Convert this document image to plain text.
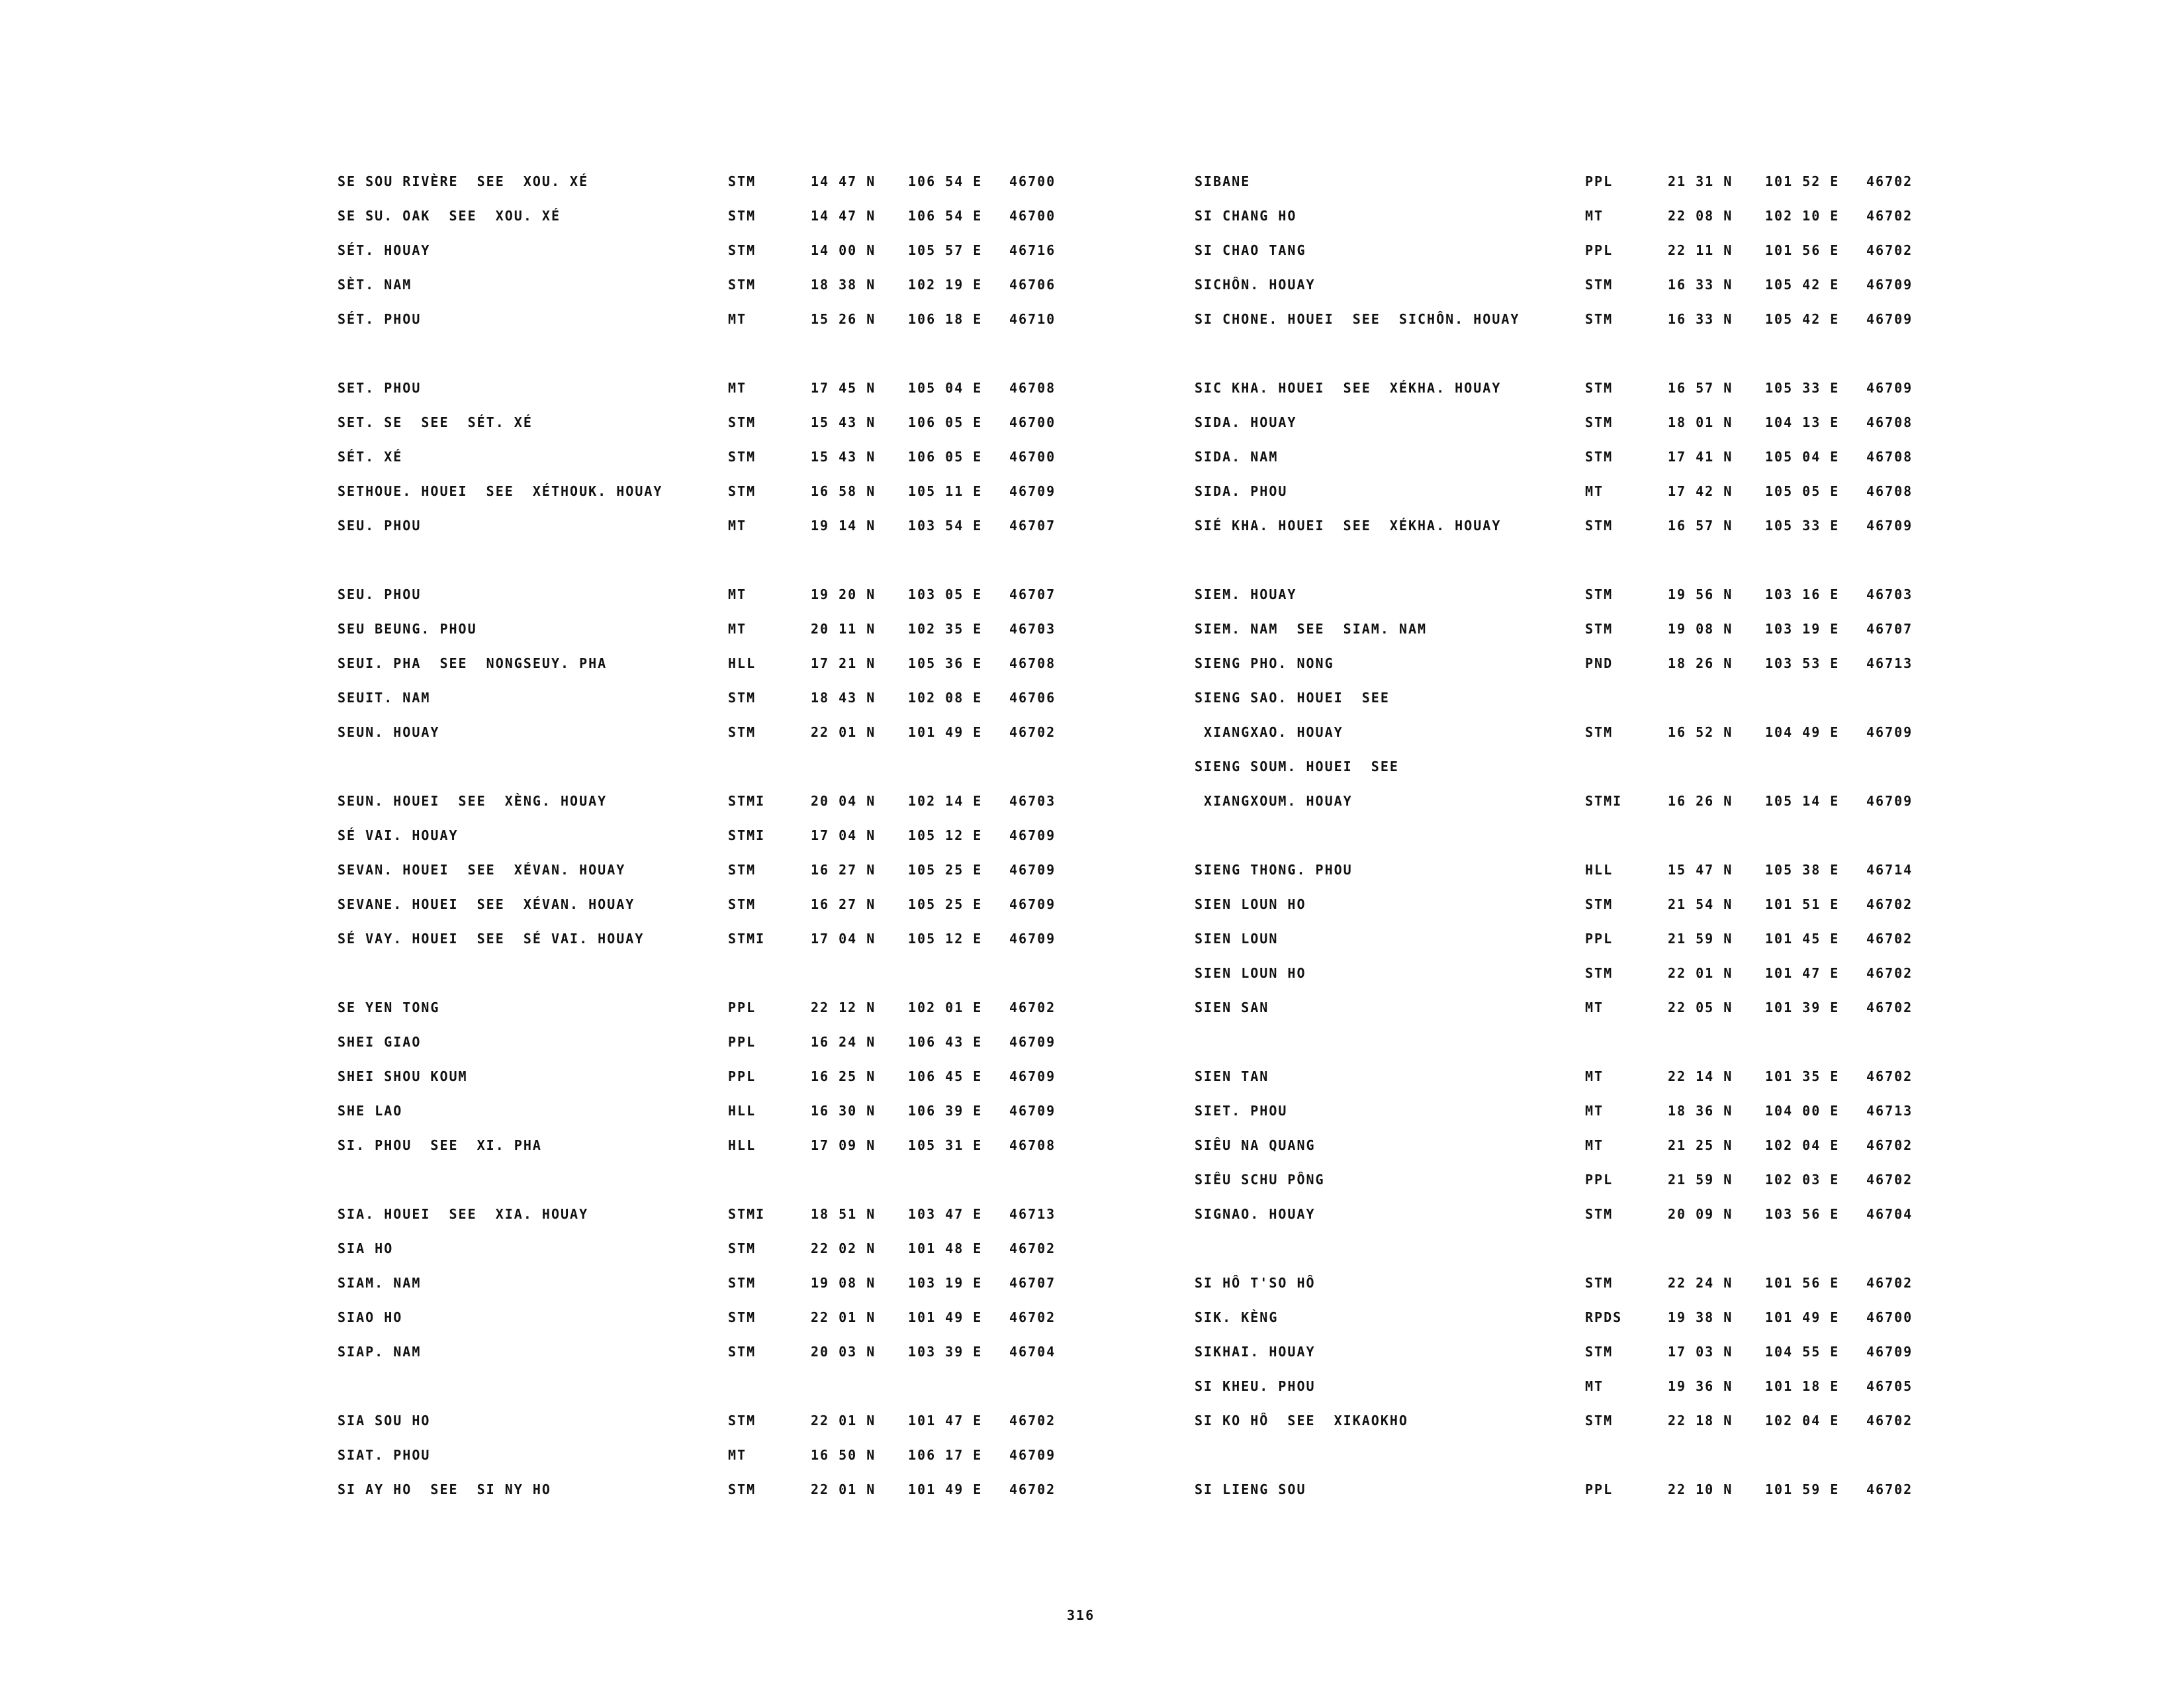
SE SOU RIVÈRE  SEE  XOU. XÉ	STM	14 47 N 106 54 E 46700
SE SU. OAK  SEE  XOU. XÉ	STM	14 47 N 106 54 E 46700
SÉT. HOUAY	STM	14 00 N 105 57 E 46716
SÈT. NAM	STM	18 38 N 102 19 E 46706
SÉT. PHOU	MT	15 26 N 106 18 E 46710
SET. PHOU	MT	17 45 N 105 04 E 46708
SET. SE  SEE  SÉT. XÉ	STM	15 43 N 106 05 E 46700
SÉT. XÉ	STM	15 43 N 106 05 E 46700
SETHOUE. HOUEI  SEE  XÉTHOUK. HOUAY	STM	16 58 N 105 11 E 46709
SEU. PHOU	MT	19 14 N 103 54 E 46707
SEU. PHOU	MT	19 20 N 103 05 E 46707
SEU BEUNG. PHOU	MT	20 11 N 102 35 E 46703
SEUI. PHA  SEE  NONGSEUY. PHA	HLL	17 21 N 105 36 E 46708
SEUIT. NAM	STM	18 43 N 102 08 E 46706
SEUN. HOUAY	STM	22 01 N 101 49 E 46702
SEUN. HOUEI  SEE  XÈNG. HOUAY	STMI	20 04 N 102 14 E 46703
SÉ VAI. HOUAY	STMI	17 04 N 105 12 E 46709
SEVAN. HOUEI  SEE  XÉVAN. HOUAY	STM	16 27 N 105 25 E 46709
SEVANE. HOUEI  SEE  XÉVAN. HOUAY	STM	16 27 N 105 25 E 46709
SÉ VAY. HOUEI  SEE  SÉ VAI. HOUAY	STMI	17 04 N 105 12 E 46709
SE YEN TONG	PPL	22 12 N 102 01 E 46702
SHEI GIAO	PPL	16 24 N 106 43 E 46709
SHEI SHOU KOUM	PPL	16 25 N 106 45 E 46709
SHE LAO	HLL	16 30 N 106 39 E 46709
SI. PHOU  SEE  XI. PHA	HLL	17 09 N 105 31 E 46708
SIA. HOUEI  SEE  XIA. HOUAY	STMI	18 51 N 103 47 E 46713
SIA HO	STM	22 02 N 101 48 E 46702
SIAM. NAM	STM	19 08 N 103 19 E 46707
SIAO HO	STM	22 01 N 101 49 E 46702
SIAP. NAM	STM	20 03 N 103 39 E 46704
SIA SOU HO	STM	22 01 N 101 47 E 46702
SIAT. PHOU	MT	16 50 N 106 17 E 46709
SI AY HO  SEE  SI NY HO	STM	22 01 N 101 49 E 46702
SIBANE	PPL	21 31 N 101 52 E 46702
SI CHANG HO	MT	22 08 N 102 10 E 46702
SI CHAO TANG	PPL	22 11 N 101 56 E 46702
SICHÔN. HOUAY	STM	16 33 N 105 42 E 46709
SI CHONE. HOUEI  SEE  SICHÔN. HOUAY	STM	16 33 N 105 42 E 46709
SIC KHA. HOUEI  SEE  XÉKHA. HOUAY	STM	16 57 N 105 33 E 46709
SIDA. HOUAY	STM	18 01 N 104 13 E 46708
SIDA. NAM	STM	17 41 N 105 04 E 46708
SIDA. PHOU	MT	17 42 N 105 05 E 46708
SIÉ KHA. HOUEI  SEE  XÉKHA. HOUAY	STM	16 57 N 105 33 E 46709
SIEM. HOUAY	STM	19 56 N 103 16 E 46703
SIEM. NAM  SEE  SIAM. NAM	STM	19 08 N 103 19 E 46707
SIENG PHO. NONG	PND	18 26 N 103 53 E 46713
SIENG SAO. HOUEI  SEE
XIANGXAO. HOUAY	STM	16 52 N 104 49 E 46709
SIENG SOUM. HOUEI  SEE
XIANGXOUM. HOUAY	STMI	16 26 N 105 14 E 46709
SIENG THONG. PHOU	HLL	15 47 N 105 38 E 46714
SIEN LOUN HO	STM	21 54 N 101 51 E 46702
SIEN LOUN	PPL	21 59 N 101 45 E 46702
SIEN LOUN HO	STM	22 01 N 101 47 E 46702
SIEN SAN	MT	22 05 N 101 39 E 46702
SIEN TAN	MT	22 14 N 101 35 E 46702
SIET. PHOU	MT	18 36 N 104 00 E 46713
SIÊU NA QUANG	MT	21 25 N 102 04 E 46702
SIÊU SCHU PÔNG	PPL	21 59 N 102 03 E 46702
SIGNAO. HOUAY	STM	20 09 N 103 56 E 46704
SI HÔ T'SO HÔ	STM	22 24 N 101 56 E 46702
SIK. KÈNG	RPDS	19 38 N 101 49 E 46700
SIKHAI. HOUAY	STM	17 03 N 104 55 E 46709
SI KHEU. PHOU	MT	19 36 N 101 18 E 46705
SI KO HÔ  SEE  XIKAOKHO	STM	22 18 N 102 04 E 46702
SI LIENG SOU	PPL	22 10 N 101 59 E 46702
316
